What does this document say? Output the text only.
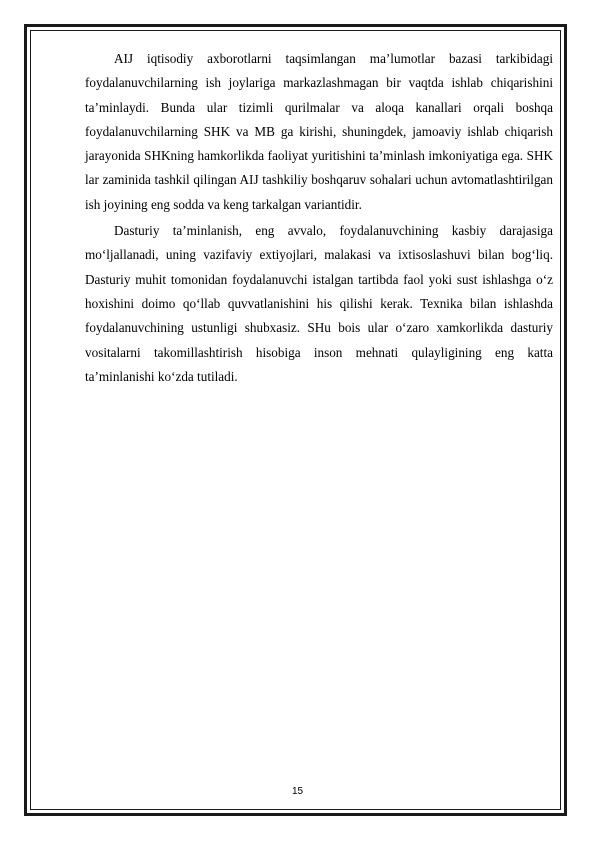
AIJ iqtisodiy axborotlarni taqsimlangan ma’lumotlar bazasi tarkibidagi foydalanuvchilarning ish joylariga markazlashmagan bir vaqtda ishlab chiqarishini ta’minlaydi. Bunda ular tizimli qurilmalar va aloqa kanallari orqali boshqa foydalanuvchilarning SHK va MB ga kirishi, shuningdek, jamoaviy ishlab chiqarish jarayonida SHKning hamkorlikda faoliyat yuritishini ta’minlash imkoniyatiga ega. SHK lar zaminida tashkil qilingan AIJ tashkiliy boshqaruv sohalari uchun avtomatlashtirilgan ish joyining eng sodda va keng tarkalgan variantidir.

Dasturiy ta’minlanish, eng avvalo, foydalanuvchining kasbiy darajasiga mo‘ljallanadi, uning vazifaviy extiyojlari, malakasi va ixtisoslashuvi bilan bog‘liq. Dasturiy muhit tomonidan foydalanuvchi istalgan tartibda faol yoki sust ishlashga o‘z hoxishini doimo qo‘llab quvvatlanishini his qilishi kerak. Texnika bilan ishlashda foydalanuvchining ustunligi shubxasiz. SHu bois ular o‘zaro xamkorlikda dasturiy vositalarni takomillashtirish hisobiga inson mehnati qulayligining eng katta ta’minlanishi ko‘zda tutiladi.

15
